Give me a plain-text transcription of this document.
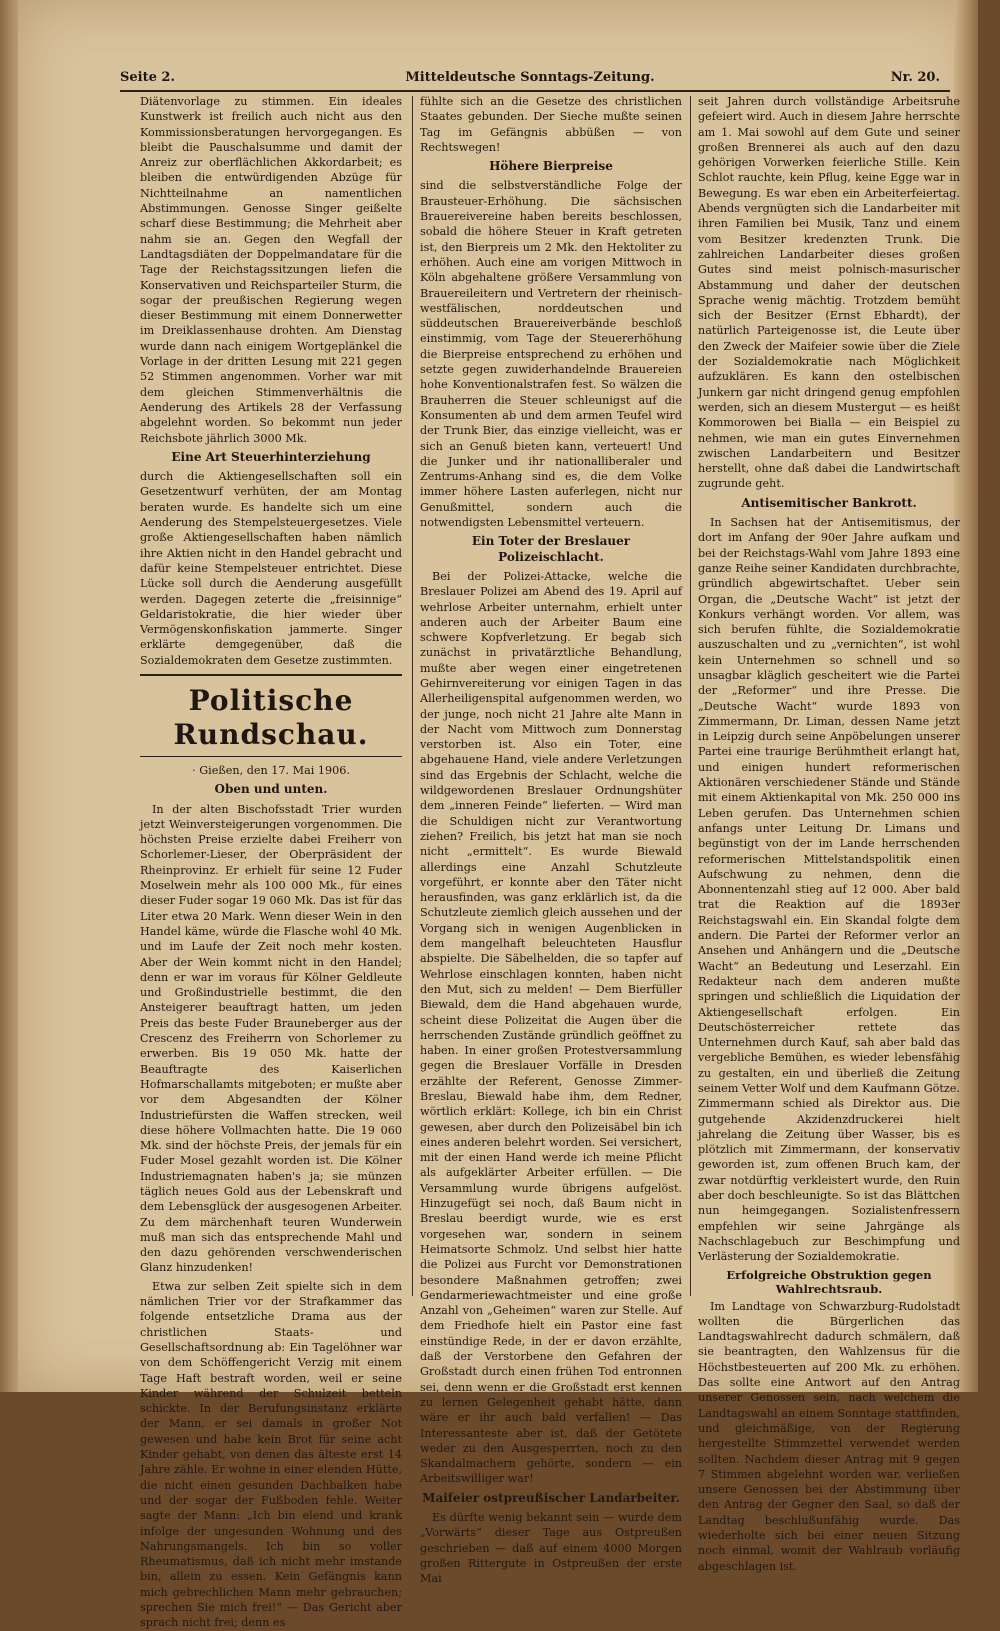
Seite 2.	Mitteldeutsche Sonntags-Zeitung.	Nr. 20.

Diätenvorlage zu stimmen. Ein ideales Kunstwerk ist freilich auch nicht aus den Kommissionsberatungen hervorgegangen. Es bleibt die Pauschalsumme und damit der Anreiz zur oberflächlichen Akkordarbeit; es bleiben die entwürdigenden Abzüge für Nichtteilnahme an namentlichen Abstimmungen. Genosse Singer geißelte scharf diese Bestimmung; die Mehrheit aber nahm sie an. Gegen den Wegfall der Landtagsdiäten der Doppelmandatare für die Tage der Reichstagssitzungen liefen die Konservativen und Reichsparteiler Sturm, die sogar der preußischen Regierung wegen dieser Bestimmung mit einem Donnerwetter im Dreiklassenhause drohten. Am Dienstag wurde dann nach einigem Wortgeplänkel die Vorlage in der dritten Lesung mit 221 gegen 52 Stimmen angenommen. Vorher war mit dem gleichen Stimmenverhältnis die Aenderung des Artikels 28 der Verfassung abgelehnt worden. So bekommt nun jeder Reichsbote jährlich 3000 Mk.

Eine Art Steuerhinterziehung

durch die Aktiengesellschaften soll ein Gesetzentwurf verhüten, der am Montag beraten wurde. Es handelte sich um eine Aenderung des Stempelsteuergesetzes. Viele große Aktiengesellschaften haben nämlich ihre Aktien nicht in den Handel gebracht und dafür keine Stempelsteuer entrichtet. Diese Lücke soll durch die Aenderung ausgefüllt werden. Dagegen zeterte die „freisinnige“ Geldaristokratie, die hier wieder über Vermögenskonfiskation jammerte. Singer erklärte demgegenüber, daß die Sozialdemokraten dem Gesetze zustimmten.

Politische Rundschau.

· Gießen, den 17. Mai 1906.

Oben und unten.

In der alten Bischofsstadt Trier wurden jetzt Weinversteigerungen vorgenommen. Die höchsten Preise erzielte dabei Freiherr von Schorlemer-Lieser, der Oberpräsident der Rheinprovinz. Er erhielt für seine 12 Fuder Moselwein mehr als 100 000 Mk., für eines dieser Fuder sogar 19 060 Mk. Das ist für das Liter etwa 20 Mark. Wenn dieser Wein in den Handel käme, würde die Flasche wohl 40 Mk. und im Laufe der Zeit noch mehr kosten. Aber der Wein kommt nicht in den Handel; denn er war im voraus für Kölner Geldleute und Großindustrielle bestimmt, die den Ansteigerer beauftragt hatten, um jeden Preis das beste Fuder Brauneberger aus der Crescenz des Freiherrn von Schorlemer zu erwerben. Bis 19 050 Mk. hatte der Beauftragte des Kaiserlichen Hofmarschallamts mitgeboten; er mußte aber vor dem Abgesandten der Kölner Industriefürsten die Waffen strecken, weil diese höhere Vollmachten hatte. Die 19 060 Mk. sind der höchste Preis, der jemals für ein Fuder Mosel gezahlt worden ist. Die Kölner Industriemagnaten haben's ja; sie münzen täglich neues Gold aus der Lebenskraft und dem Lebensglück der ausgesogenen Arbeiter. Zu dem märchenhaft teuren Wunderwein muß man sich das entsprechende Mahl und den dazu gehörenden verschwenderischen Glanz hinzudenken!

Etwa zur selben Zeit spielte sich in dem nämlichen Trier vor der Strafkammer das folgende entsetzliche Drama aus der christlichen Staats- und Gesellschaftsordnung ab: Ein Tagelöhner war von dem Schöffengericht Verzig mit einem Tage Haft bestraft worden, weil er seine Kinder während der Schulzeit betteln schickte. In der Berufungsinstanz erklärte der Mann, er sei damals in großer Not gewesen und habe kein Brot für seine acht Kinder gehabt, von denen das älteste erst 14 Jahre zähle. Er wohne in einer elenden Hütte, die nicht einen gesunden Dachbalken habe und der sogar der Fußboden fehle. Weiter sagte der Mann: „Ich bin elend und krank infolge der ungesunden Wohnung und des Nahrungsmangels. Ich bin so voller Rheumatismus, daß ich nicht mehr imstande bin, allein zu essen. Kein Gefängnis kann mich gebrechlichen Mann mehr gebrauchen; sprechen Sie mich frei!“ — Das Gericht aber sprach nicht frei; denn es

fühlte sich an die Gesetze des christlichen Staates gebunden. Der Sieche mußte seinen Tag im Gefängnis abbüßen — von Rechtswegen!

Höhere Bierpreise

sind die selbstverständliche Folge der Brausteuer-Erhöhung. Die sächsischen Brauereivereine haben bereits beschlossen, sobald die höhere Steuer in Kraft getreten ist, den Bierpreis um 2 Mk. den Hektoliter zu erhöhen. Auch eine am vorigen Mittwoch in Köln abgehaltene größere Versammlung von Brauereileitern und Vertretern der rheinisch-westfälischen, norddeutschen und süddeutschen Brauereiverbände beschloß einstimmig, vom Tage der Steuererhöhung die Bierpreise entsprechend zu erhöhen und setzte gegen zuwiderhandelnde Brauereien hohe Konventionalstrafen fest. So wälzen die Brauherren die Steuer schleunigst auf die Konsumenten ab und dem armen Teufel wird der Trunk Bier, das einzige vielleicht, was er sich an Genuß bieten kann, verteuert! Und die Junker und ihr nationalliberaler und Zentrums-Anhang sind es, die dem Volke immer höhere Lasten auferlegen, nicht nur Genußmittel, sondern auch die notwendigsten Lebensmittel verteuern.

Ein Toter der Breslauer Polizeischlacht.

Bei der Polizei-Attacke, welche die Breslauer Polizei am Abend des 19. April auf wehrlose Arbeiter unternahm, erhielt unter anderen auch der Arbeiter Baum eine schwere Kopfverletzung. Er begab sich zunächst in privatärztliche Behandlung, mußte aber wegen einer eingetretenen Gehirnvereiterung vor einigen Tagen in das Allerheiligenspital aufgenommen werden, wo der junge, noch nicht 21 Jahre alte Mann in der Nacht vom Mittwoch zum Donnerstag verstorben ist. Also ein Toter, eine abgehauene Hand, viele andere Verletzungen sind das Ergebnis der Schlacht, welche die wildgewordenen Breslauer Ordnungshüter dem „inneren Feinde“ lieferten. — Wird man die Schuldigen nicht zur Verantwortung ziehen? Freilich, bis jetzt hat man sie noch nicht „ermittelt“. Es wurde Biewald allerdings eine Anzahl Schutzleute vorgeführt, er konnte aber den Täter nicht herausfinden, was ganz erklärlich ist, da die Schutzleute ziemlich gleich aussehen und der Vorgang sich in wenigen Augenblicken in dem mangelhaft beleuchteten Hausflur abspielte. Die Säbelhelden, die so tapfer auf Wehrlose einschlagen konnten, haben nicht den Mut, sich zu melden! — Dem Bierfüller Biewald, dem die Hand abgehauen wurde, scheint diese Polizeitat die Augen über die herrschenden Zustände gründlich geöffnet zu haben. In einer großen Protestversammlung gegen die Breslauer Vorfälle in Dresden erzählte der Referent, Genosse Zimmer-Breslau, Biewald habe ihm, dem Redner, wörtlich erklärt: Kollege, ich bin ein Christ gewesen, aber durch den Polizeisäbel bin ich eines anderen belehrt worden. Sei versichert, mit der einen Hand werde ich meine Pflicht als aufgeklärter Arbeiter erfüllen. — Die Versammlung wurde übrigens aufgelöst. Hinzugefügt sei noch, daß Baum nicht in Breslau beerdigt wurde, wie es erst vorgesehen war, sondern in seinem Heimatsorte Schmolz. Und selbst hier hatte die Polizei aus Furcht vor Demonstrationen besondere Maßnahmen getroffen; zwei Gendarmeriewachtmeister und eine große Anzahl von „Geheimen“ waren zur Stelle. Auf dem Friedhofe hielt ein Pastor eine fast einstündige Rede, in der er davon erzählte, daß der Verstorbene den Gefahren der Großstadt durch einen frühen Tod entronnen sei, denn wenn er die Großstadt erst kennen zu lernen Gelegenheit gehabt hätte, dann wäre er ihr auch bald verfallen! — Das Interessanteste aber ist, daß der Getötete weder zu den Ausgesperrten, noch zu den Skandalmachern gehörte, sondern — ein Arbeitswilliger war!

Maifeier ostpreußischer Landarbeiter.

Es dürfte wenig bekannt sein — wurde dem „Vorwärts“ dieser Tage aus Ostpreußen geschrieben — daß auf einem 4000 Morgen großen Rittergute in Ostpreußen der erste Mai

seit Jahren durch vollständige Arbeitsruhe gefeiert wird. Auch in diesem Jahre herrschte am 1. Mai sowohl auf dem Gute und seiner großen Brennerei als auch auf den dazu gehörigen Vorwerken feierliche Stille. Kein Schlot rauchte, kein Pflug, keine Egge war in Bewegung. Es war eben ein Arbeiterfeiertag. Abends vergnügten sich die Landarbeiter mit ihren Familien bei Musik, Tanz und einem vom Besitzer kredenzten Trunk. Die zahlreichen Landarbeiter dieses großen Gutes sind meist polnisch-masurischer Abstammung und daher der deutschen Sprache wenig mächtig. Trotzdem bemüht sich der Besitzer (Ernst Ebhardt), der natürlich Parteigenosse ist, die Leute über den Zweck der Maifeier sowie über die Ziele der Sozialdemokratie nach Möglichkeit aufzuklären. Es kann den ostelbischen Junkern gar nicht dringend genug empfohlen werden, sich an diesem Mustergut — es heißt Kommorowen bei Bialla — ein Beispiel zu nehmen, wie man ein gutes Einvernehmen zwischen Landarbeitern und Besitzer herstellt, ohne daß dabei die Landwirtschaft zugrunde geht.

Antisemitischer Bankrott.

In Sachsen hat der Antisemitismus, der dort im Anfang der 90er Jahre aufkam und bei der Reichstags-Wahl vom Jahre 1893 eine ganze Reihe seiner Kandidaten durchbrachte, gründlich abgewirtschaftet. Ueber sein Organ, die „Deutsche Wacht“ ist jetzt der Konkurs verhängt worden. Vor allem, was sich berufen fühlte, die Sozialdemokratie auszuschalten und zu „vernichten“, ist wohl kein Unternehmen so schnell und so unsagbar kläglich gescheitert wie die Partei der „Reformer“ und ihre Presse. Die „Deutsche Wacht“ wurde 1893 von Zimmermann, Dr. Liman, dessen Name jetzt in Leipzig durch seine Anpöbelungen unserer Partei eine traurige Berühmtheit erlangt hat, und einigen hundert reformerischen Aktionären verschiedener Stände und Stände mit einem Aktienkapital von Mk. 250 000 ins Leben gerufen. Das Unternehmen schien anfangs unter Leitung Dr. Limans und begünstigt von der im Lande herrschenden reformerischen Mittelstandspolitik einen Aufschwung zu nehmen, denn die Abonnentenzahl stieg auf 12 000. Aber bald trat die Reaktion auf die 1893er Reichstagswahl ein. Ein Skandal folgte dem andern. Die Partei der Reformer verlor an Ansehen und Anhängern und die „Deutsche Wacht“ an Bedeutung und Leserzahl. Ein Redakteur nach dem anderen mußte springen und schließlich die Liquidation der Aktiengesellschaft erfolgen. Ein Deutschösterreicher rettete das Unternehmen durch Kauf, sah aber bald das vergebliche Bemühen, es wieder lebensfähig zu gestalten, ein und überließ die Zeitung seinem Vetter Wolf und dem Kaufmann Götze. Zimmermann schied als Direktor aus. Die gutgehende Akzidenzdruckerei hielt jahrelang die Zeitung über Wasser, bis es plötzlich mit Zimmermann, der konservativ geworden ist, zum offenen Bruch kam, der zwar notdürftig verkleistert wurde, den Ruin aber doch beschleunigte. So ist das Blättchen nun heimgegangen. Sozialistenfressern empfehlen wir seine Jahrgänge als Nachschlagebuch zur Beschimpfung und Verlästerung der Sozialdemokratie.

Erfolgreiche Obstruktion gegen Wahlrechtsraub.

Im Landtage von Schwarzburg-Rudolstadt wollten die Bürgerlichen das Landtagswahlrecht dadurch schmälern, daß sie beantragten, den Wahlzensus für die Höchstbesteuerten auf 200 Mk. zu erhöhen. Das sollte eine Antwort auf den Antrag unserer Genossen sein, nach welchem die Landtagswahl an einem Sonntage stattfinden, und gleichmäßige, von der Regierung hergestellte Stimmzettel verwendet werden sollten. Nachdem dieser Antrag mit 9 gegen 7 Stimmen abgelehnt worden war, verließen unsere Genossen bei der Abstimmung über den Antrag der Gegner den Saal, so daß der Landtag beschlußunfähig wurde. Das wiederholte sich bei einer neuen Sitzung noch einmal, womit der Wahlraub vorläufig abgeschlagen ist.
